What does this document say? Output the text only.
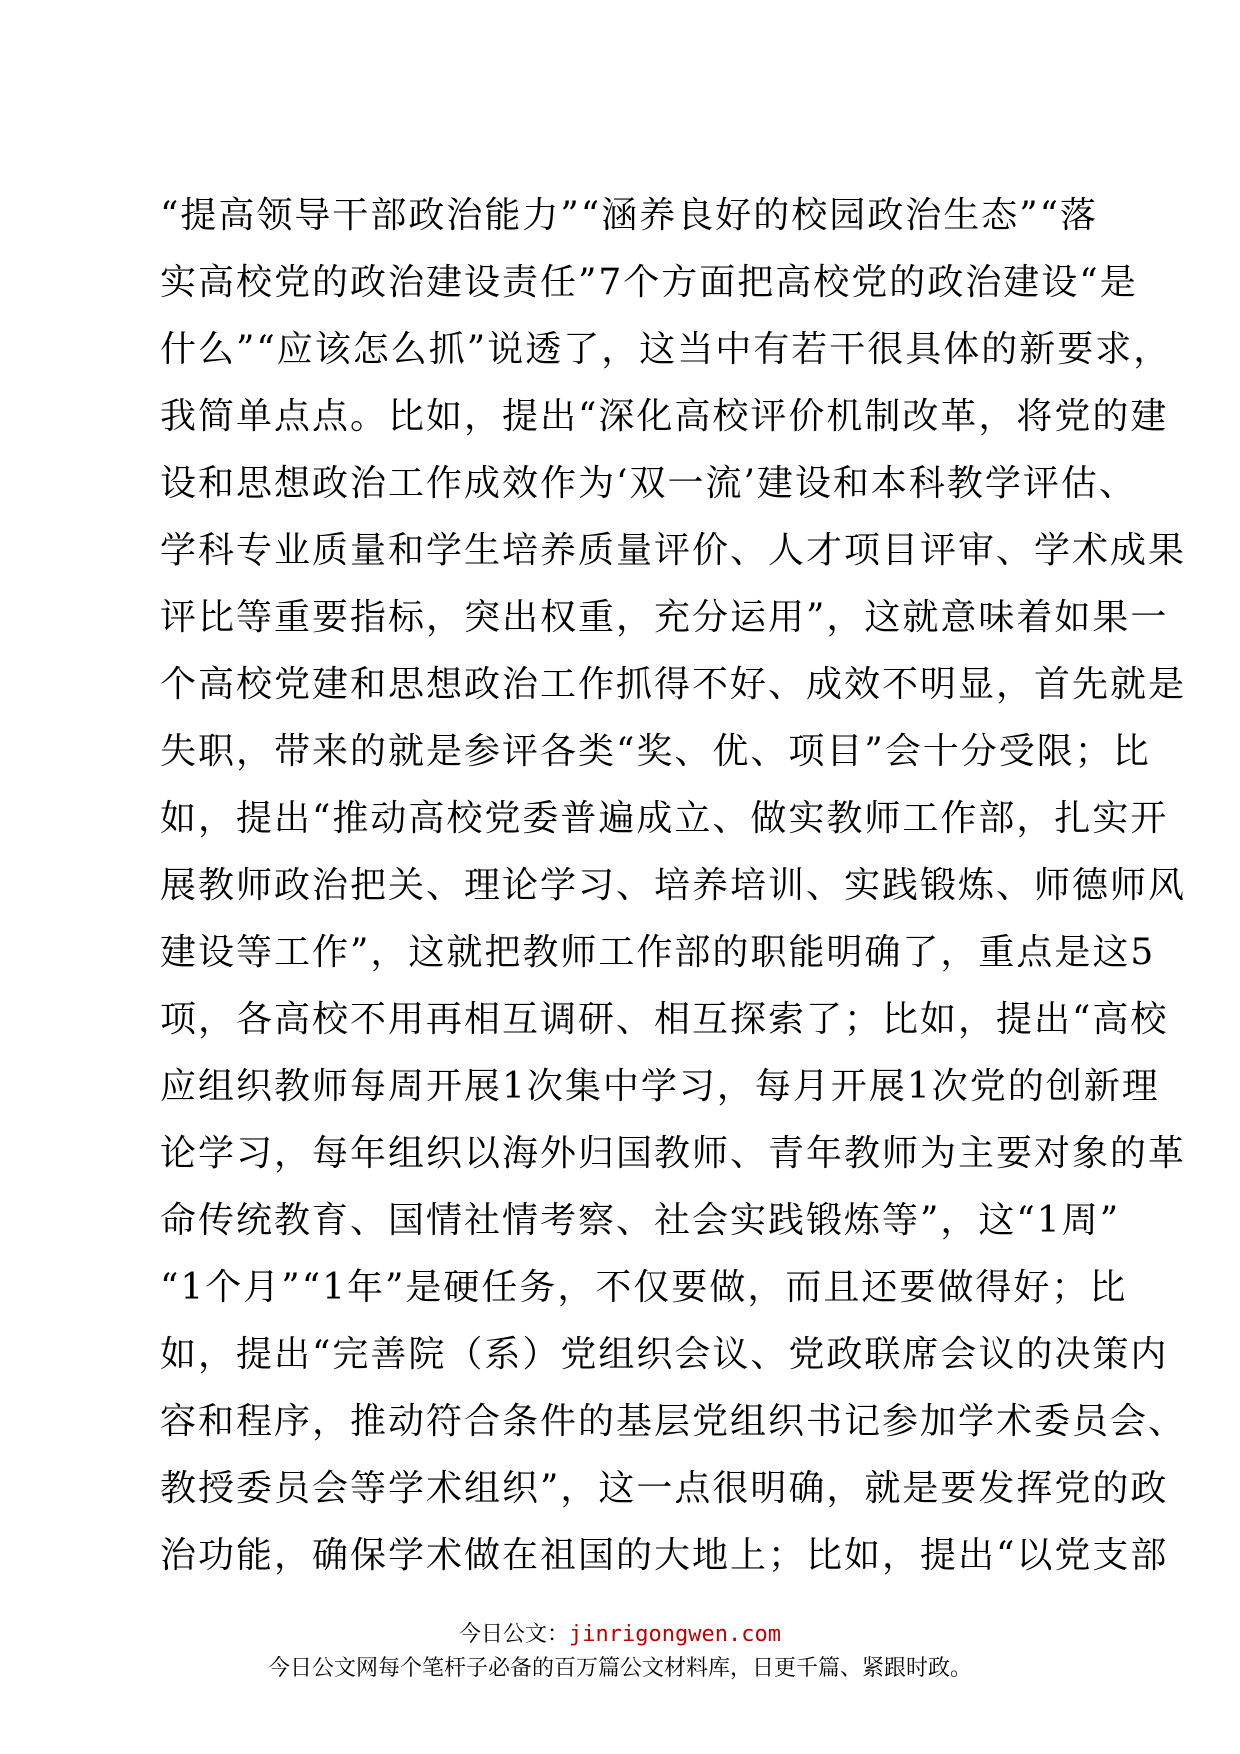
“提高领导干部政治能力”“涵养良好的校园政治生态”“落

实高校党的政治建设责任”7个方面把高校党的政治建设“是

什么”“应该怎么抓”说透了，这当中有若干很具体的新要求，

我简单点点。比如，提出“深化高校评价机制改革，将党的建

设和思想政治工作成效作为‘双一流’建设和本科教学评估、

学科专业质量和学生培养质量评价、人才项目评审、学术成果

评比等重要指标，突出权重，充分运用”，这就意味着如果一

个高校党建和思想政治工作抓得不好、成效不明显，首先就是

失职，带来的就是参评各类“奖、优、项目”会十分受限；比

如，提出“推动高校党委普遍成立、做实教师工作部，扎实开

展教师政治把关、理论学习、培养培训、实践锻炼、师德师风

建设等工作”，这就把教师工作部的职能明确了，重点是这5

项，各高校不用再相互调研、相互探索了；比如，提出“高校

应组织教师每周开展1次集中学习，每月开展1次党的创新理

论学习，每年组织以海外归国教师、青年教师为主要对象的革

命传统教育、国情社情考察、社会实践锻炼等”，这“1周”

“1个月”“1年”是硬任务，不仅要做，而且还要做得好；比

如，提出“完善院（系）党组织会议、党政联席会议的决策内

容和程序，推动符合条件的基层党组织书记参加学术委员会、

教授委员会等学术组织”，这一点很明确，就是要发挥党的政

治功能，确保学术做在祖国的大地上；比如，提出“以党支部

今日公文：jinrigongwen.com

今日公文网每个笔杆子必备的百万篇公文材料库，日更千篇、紧跟时政。
